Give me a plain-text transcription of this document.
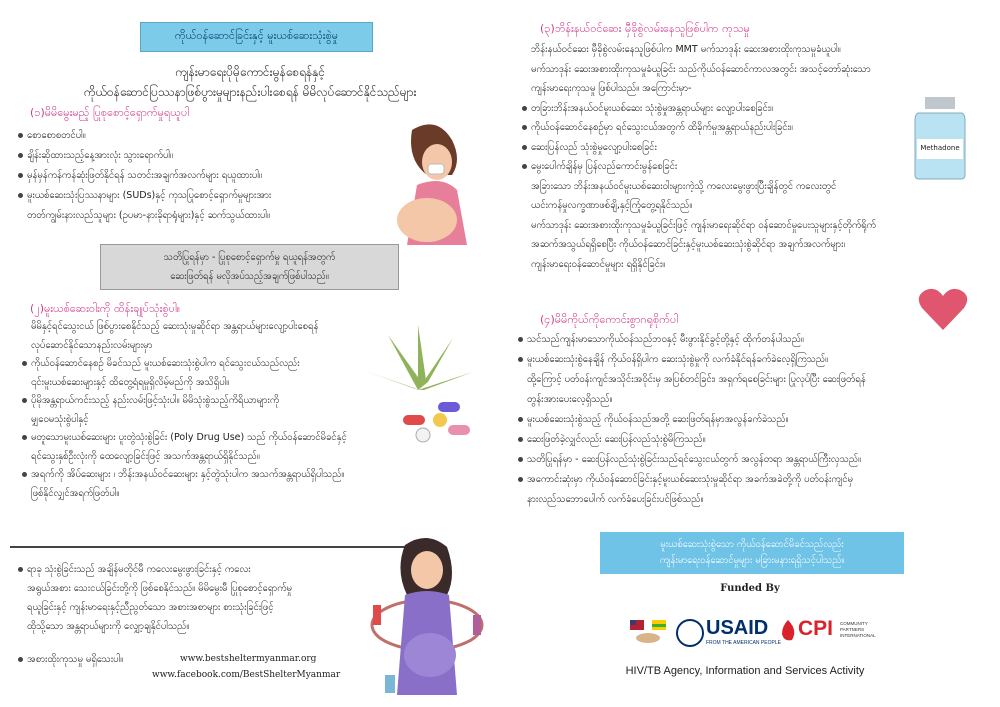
ကိုယ်ဝန်ဆောင်ခြင်းနှင့် မူးယစ်ဆေးသုံးစွဲမှု
ကျန်းမာရေးပိုမိုကောင်းမွန်စေရန်နှင့်
ကိုယ်ဝန်ဆောင်ပြဿနာဖြစ်ပွားမှုများနည်းပါးစေရန် မိမိလုပ်ဆောင်နိုင်သည်များ
(၁)မိမိမွေးမည့် ပြုစုစောင့်ရှောက်မှုရယူပါ

စောစောစတင်ပါ။

ချိန်းဆိုထားသည့်နေ့အားလုံး သွားရောက်ပါ။

မှန်မှန်ကန်ကန်ဆုံးဖြတ်နိုင်ရန် သတင်းအချက်အလက်များ ရယူထားပါ။

မူးယစ်ဆေးသုံးပြဿနာများ (SUDs)နှင့် ကုသပြုစောင့်ရှောက်မှုများအား

တတ်ကျွမ်းနားလည်သူများ (ဥပမာ-နားခိုရာရုံများ)နှင့် ဆက်သွယ်ထားပါ။

သတိပြုရန်မှာ - ပြုစုစောင့်ရှောက်မှု ရယူရန်အတွက်
ဆေးဖြတ်ရန် မလိုအပ်သည့်အချက်ဖြစ်ပါသည်။
(၂)မူးယစ်ဆေးဝါးကို ထိန်းချုပ်သုံးစွဲပါ။

မိမိနှင့်ရင်သွေးငယ် ဖြစ်ပွားစေနိုင်သည့် ဆေးသုံးမှုဆိုင်ရာ အန္တရာယ်များလျော့ပါးစေရန်

လုပ်ဆောင်နိုင်သောနည်းလမ်းများမှာ

ကိုယ်ဝန်ဆောင်နေစဉ် မိခင်သည် မူးယစ်ဆေးသုံးစွဲပါက ရင်သွေးငယ်သည်လည်း

၎င်းမူးယစ်ဆေးများနှင့် ထိတွေ့ရံရမှုရှိလိမ့်မည်ကို အသိရှိပါ။

ပိုမိုအန္တရာယ်ကင်းသည့် နည်းလမ်းဖြင့်သုံးပါ။ မိမိသုံးစွဲသည့်ကိရိယာများကို

မျှဝေမသုံးစွဲပါနှင့်

မတူသောမူးယစ်ဆေးများ ပူးတွဲသုံးစွဲခြင်း (Poly Drug Use) သည် ကိုယ်ဝန်ဆောင်မိခင်နှင့်

ရင်သွေးနှစ်ဦးလုံးကို ထေလျော့ခြင်းဖြင့် အသက်အန္တရာယ်ရှိနိုင်သည်။

အရက်ကို အိပ်ဆေးများ ၊ ဘိန်းအနယ်ဝင်ဆေးများ နှင့်တွဲသုံးပါက အသက်အန္တရာယ်ရှိပါသည်။

ဖြစ်နိုင်လျှင်အရက်ဖြတ်ပါ။

ရာခု သုံးစွဲခြင်းသည် အချိန်မတိုင်မီ ကလေးမွေးဖွားခြင်းနှင့် ကလေး

အရွယ်အစား သေးငယ်ခြင်းတို့ကို ဖြစ်စေနိုင်သည်။ မိမိမွေးမီ ပြုစုစောင့်ရှောက်မှု

ရယူခြင်းနှင့် ကျန်းမာရေးနှင့်ညီညွတ်သော အစားအစာများ စားသုံးခြင်းဖြင့်

ထိုသို့သော အန္တရာယ်များကို လျှော့ချနိုင်ပါသည်။

အစားထိုးကုသမှု မရှိသေးပါ။	www.bestsheltermyanmar.org
www.facebook.com/BestShelterMyanmar
(၃)ဘိန်းနယ်ဝင်ဆေး မှီခိုစွဲလမ်းနေသူဖြစ်ပါက ကုသမှု

ဘိန်းနယ်ဝင်ဆေး မှီခိုစွဲလမ်းနေသူဖြစ်ပါက MMT မက်သာဒုန်း ဆေးအစားထိုးကုသမှုခံယူပါ။

မက်သာဒုန်း ဆေးအစားထိုးကုသမှုခံယူခြင်း သည်ကိုယ်ဝန်ဆောင်ကာလအတွင်း အသင့်တော်ဆုံးသော

ကျန်းမာရေးကုသမှု ဖြစ်ပါသည်။ အကြောင်းမှာ-

တခြားဘိန်းအနယ်ဝင်မူးယစ်ဆေး သုံးစွဲမှုအန္တရာယ်များ လျော့ပါးစေခြင်း။

ကိုယ်ဝန်ဆောင်နေစဉ်မှာ ရင်သွေးငယ်အတွက် ထိခိုက်မှုအန္တရာယ်နည်းပါးခြင်း။

ဆေးပြန်လည် သုံးစွဲမှုလျော့ပါးစေခြင်း

မွေးပေါက်ချိန်မှ ပြန်လည်ကောင်းမွန်စေခြင်း

အခြားသော ဘိန်းအနယ်ဝင်မူးယစ်ဆေးဝါးများကဲ့သို့ ကလေးမွေးဖွားပြီးချိန်တွင် ကလေးတွင်

ယင်းကန်မှုလက္ခဏာဖစ်ချိ,နှင့်ကြုံတွေ့ရနိုင်သည်။

မက်သာဒုန်း ဆေးအစားထိုးကုသမှုခံယူခြင်းဖြင့် ကျန်းမာရေးဆိုင်ရာ ဝန်ဆောင်မှုပေးသူများနှင့်တိုက်ရိုက်

အဆက်အသွယ်ရရှိစေပြီး ကိုယ်ဝန်ဆောင်ခြင်းနှင့်မူးယစ်ဆေးသုံးစွဲဆိုင်ရာ အချက်အလက်များ၊

ကျန်းမာရေးဝန်ဆောင်မှုများ ရရှိနိုင်ခြင်း။

Methadone
(၄)မိမိကိုယ်ကိုကောင်းစွာဂရုစိုက်ပါ

သင်သည်ကျန်းမာသောကိုယ်ဝန်သည်ဘဝနှင့် မီးဖွားနိုင်ခွင့်တို့နှင့် ထိုက်တန်ပါသည်။

မူးယစ်ဆေးသုံးစွဲနေချိန် ကိုယ်ဝန်ရှိပါက ဆေးသုံးစွဲမှုကို လက်ခံနိုင်ရန်ခက်ခဲလေ့ရှိကြသည်။

ထို့ကြောင့် ပတ်ဝန်းကျင်အသိုင်းအဝိုင်းမှ အပြစ်တင်ခြင်း၊ အရှက်ရစေခြင်းများ ပြုလုပ်ပြီး ဆေးဖြတ်ရန်

တွန်းအားပေးလေ့ရှိသည်။

မူးယစ်ဆေးသုံးစွဲသည့် ကိုယ်ဝန်သည်အတို့ ဆေးဖြတ်ရန်မှာအလွန်ခက်ခဲသည်။

ဆေးဖြတ်ခဲ့လျှင်လည်း ဆေးပြန်လည်သုံးစွဲမိကြသည်။

သတိပြုရန်မှာ - ဆေးပြန်လည်သုံးစွဲခြင်းသည်ရင်သွေးငယ်တွက် အလွန်တရာ အန္တရာယ်ကြီးလှသည်။

အကောင်းဆုံးမှာ ကိုယ်ဝန်ဆောင်ခြင်းနှင့်မူးယစ်ဆေးသုံးမှုဆိုင်ရာ အခက်အခဲတို့ကို ပတ်ဝန်းကျင်မှ

နားလည်သဘောပေါက် လက်ခံပေးခြင်းပင်ဖြစ်သည်။

မူးယစ်ဆေးသုံးစွဲသော ကိုယ်ဝန်ဆောင်မိခင်သည်လည်း
ကျန်းမာရေးဝန်ဆောင်မှုများ မခြားမနားရရှိသင့်ပါသည်။
Funded By
USAID
FROM THE AMERICAN PEOPLE
CPI COMMUNITY PARTNERS INTERNATIONAL
HIV/TB Agency, Information and Services Activity
